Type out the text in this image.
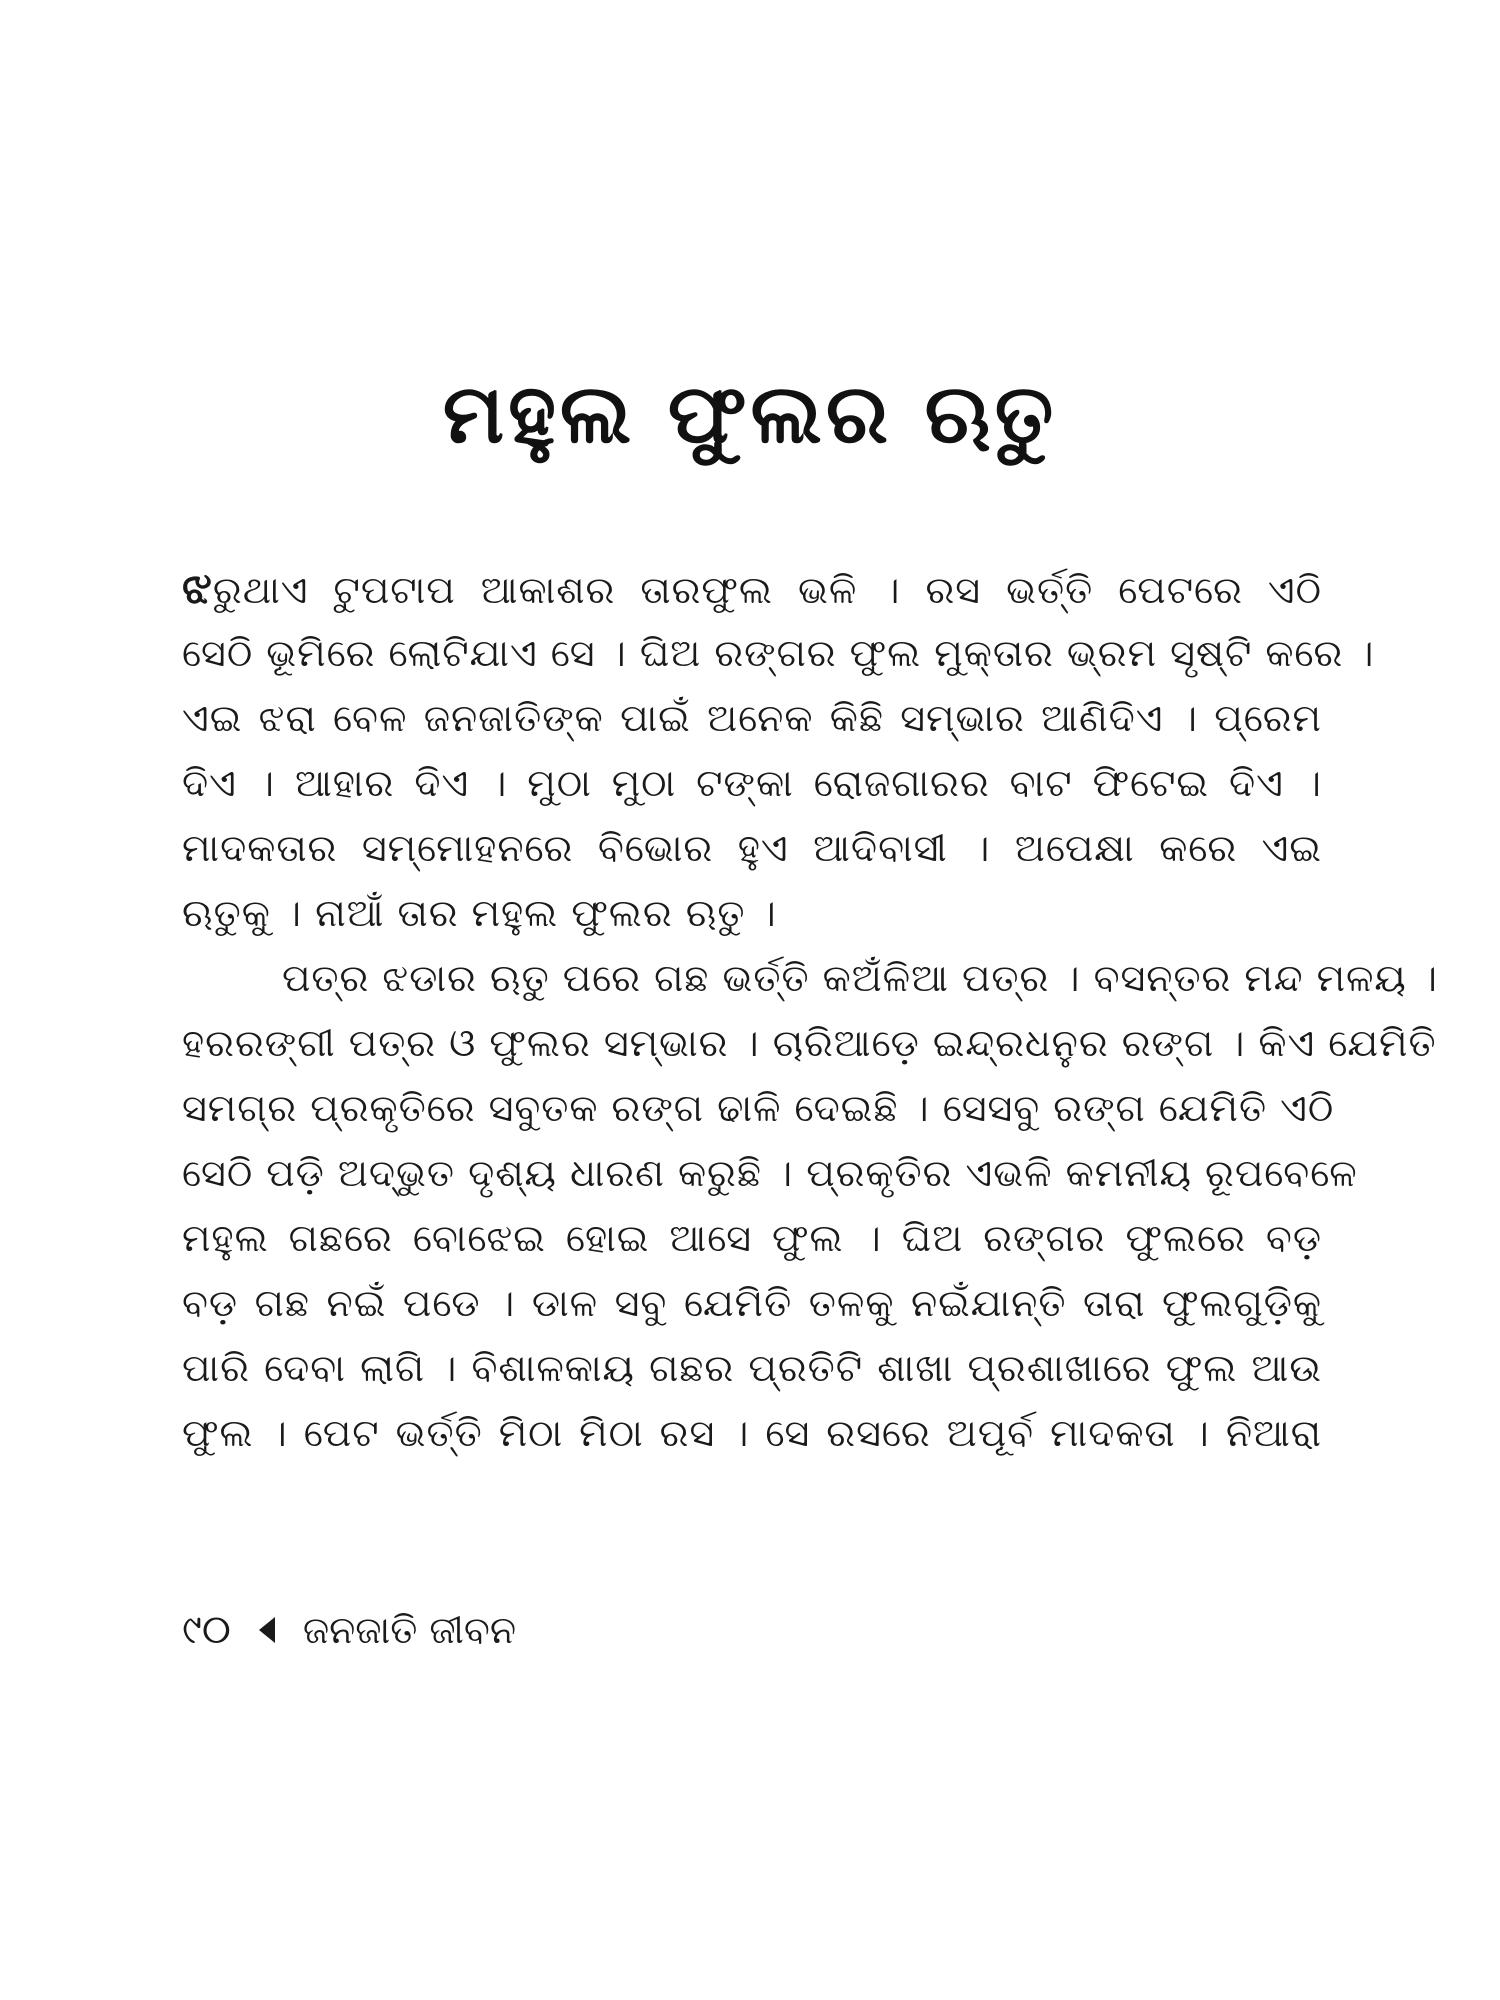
ମହୁଲ ଫୁଲର ଋତୁ
ଝରୁଥାଏ ଟୁପଟାପ ଆକାଶର ତାରଫୁଲ ଭଳି । ରସ ଭର୍ତ୍ତି ପେଟରେ ଏଠି
ସେଠି ଭୂମିରେ ଲୋଟିଯାଏ ସେ । ଘିଅ ରଙ୍ଗର ଫୁଲ ମୁକ୍ତାର ଭ୍ରମ ସୃଷ୍ଟି କରେ ।
ଏଇ ଝରା ବେଳ ଜନଜାତିଙ୍କ ପାଇଁ ଅନେକ କିଛି ସମ୍ଭାର ଆଣିଦିଏ । ପ୍ରେମ
ଦିଏ । ଆହାର ଦିଏ । ମୁଠା ମୁଠା ଟଙ୍କା ରୋଜଗାରର ବାଟ ଫିଟେଇ ଦିଏ ।
ମାଦକତାର ସମ୍ମୋହନରେ ବିଭୋର ହୁଏ ଆଦିବାସୀ । ଅପେକ୍ଷା କରେ ଏଇ
ଋତୁକୁ । ନାଆଁ ତାର ମହୁଲ ଫୁଲର ଋତୁ ।
ପତ୍ର ଝଡାର ଋତୁ ପରେ ଗଛ ଭର୍ତ୍ତି କଅଁଳିଆ ପତ୍ର । ବସନ୍ତର ମନ୍ଦ ମଳୟ ।
ହରରଙ୍ଗୀ ପତ୍ର ଓ ଫୁଲର ସମ୍ଭାର । ଚାରିଆଡ଼େ ଇନ୍ଦ୍ରଧନୁର ରଙ୍ଗ । କିଏ ଯେମିତି
ସମଗ୍ର ପ୍ରକୃତିରେ ସବୁତକ ରଙ୍ଗ ଢାଳି ଦେଇଛି । ସେସବୁ ରଙ୍ଗ ଯେମିତି ଏଠି
ସେଠି ପଡ଼ି ଅଦ୍ଭୁତ ଦୃଶ୍ୟ ଧାରଣ କରୁଛି । ପ୍ରକୃତିର ଏଭଳି କମନୀୟ ରୂପବେଳେ
ମହୁଲ ଗଛରେ ବୋଝେଇ ହୋଇ ଆସେ ଫୁଲ । ଘିଅ ରଙ୍ଗର ଫୁଲରେ ବଡ଼
ବଡ଼ ଗଛ ନଇଁ ପଡେ । ଡାଳ ସବୁ ଯେମିତି ତଳକୁ ନଇଁଯାନ୍ତି ତାରା ଫୁଲଗୁଡ଼ିକୁ
ପାରି ଦେବା ଲାଗି । ବିଶାଳକାୟ ଗଛର ପ୍ରତିଟି ଶାଖା ପ୍ରଶାଖାରେ ଫୁଲ ଆଉ
ଫୁଲ । ପେଟ ଭର୍ତ୍ତି ମିଠା ମିଠା ରସ । ସେ ରସରେ ଅପୂର୍ବ ମାଦକତା । ନିଆରା
୯୦ ଜନଜାତି ଜୀବନ
